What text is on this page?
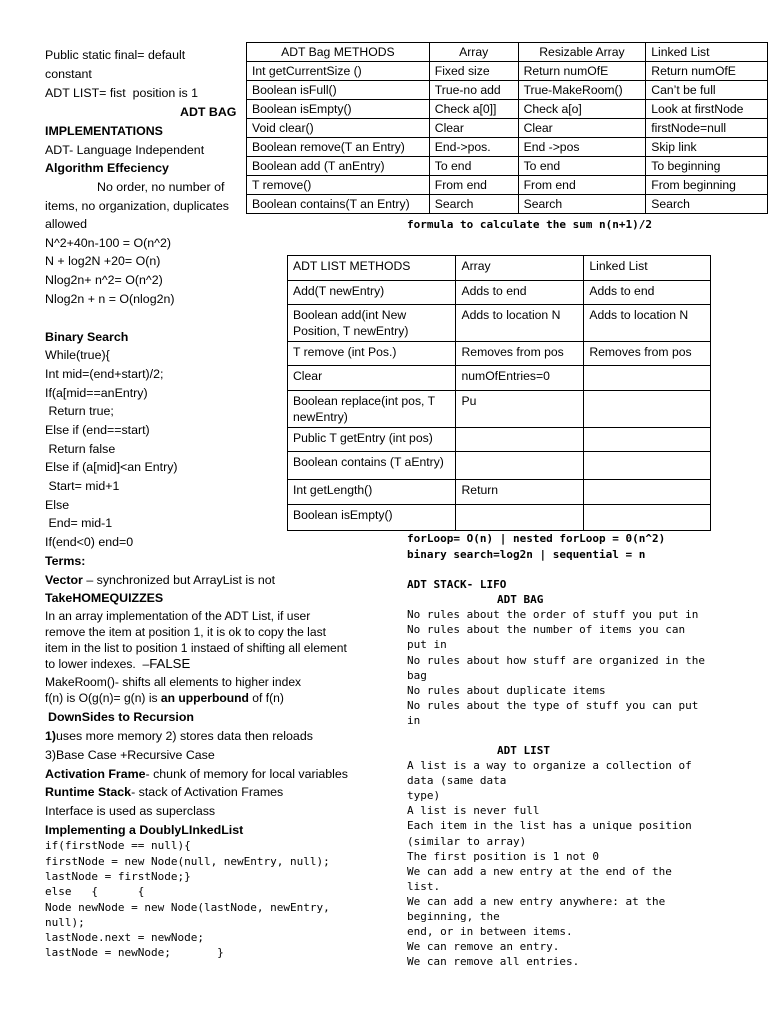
Public static final= default
constant
ADT LIST= fist  position is 1
ADT BAG
IMPLEMENTATIONS
ADT- Language Independent
Algorithm Effeciency
No order, no number of
items, no organization, duplicates
allowed
N^2+40n-100 = O(n^2)
N + log2N +20= O(n)
Nlog2n+ n^2= O(n^2)
Nlog2n + n = O(nlog2n)
Binary Search
While(true){
Int mid=(end+start)/2;
If(a[mid==anEntry)
Return true;
Else if (end==start)
Return false
Else if (a[mid]<an Entry)
Start= mid+1
Else
End= mid-1
If(end<0) end=0
Terms:
Vector – synchronized but ArrayList is not
TakeHOMEQUIZZES
In an array implementation of the ADT List, if user
remove the item at position 1, it is ok to copy the last
item in the list to position 1 instaed of shifting all element
to lower indexes.  –FALSE
MakeRoom()- shifts all elements to higher index
f(n) is O(g(n)= g(n) is an upperbound of f(n)
DownSides to Recursion
1)uses more memory 2) stores data then reloads
3)Base Case +Recursive Case
Activation Frame- chunk of memory for local variables
Runtime Stack- stack of Activation Frames
Interface is used as superclass
Implementing a DoublyLInkedList
if(firstNode == null){
firstNode = new Node(null, newEntry, null);
lastNode = firstNode;}
else   {      {
Node newNode = new Node(lastNode, newEntry,
null);
lastNode.next = newNode;
lastNode = newNode;       }
ADT Bag METHODS	Array	Resizable Array	Linked List
Int getCurrentSize ()	Fixed size	Return numOfE	Return numOfE
Boolean isFull()	True-no add	True-MakeRoom()	Can’t be full
Boolean isEmpty()	Check a[0]]	Check a[o]	Look at firstNode
Void clear()	Clear	Clear	firstNode=null
Boolean remove(T an Entry)	End->pos.	End ->pos	Skip link
Boolean add (T anEntry)	To end	To end	To beginning
T remove()	From end	From end	From beginning
Boolean contains(T an Entry)	Search	Search	Search
formula to calculate the sum n(n+1)/2
ADT LIST METHODS	Array	Linked List
Add(T newEntry)	Adds to end	Adds to end
Boolean add(int New Position, T newEntry)	Adds to location N	Adds to location N
T remove (int Pos.)	Removes from pos	Removes from pos
Clear	numOfEntries=0	
Boolean replace(int pos, T newEntry)	Pu	
Public T getEntry (int pos)		
Boolean contains (T aEntry)		
Int getLength()	Return	
Boolean isEmpty()		
forLoop= O(n) | nested forLoop = 0(n^2)
binary search=log2n | sequential = n
ADT STACK- LIFO
ADT BAG
No rules about the order of stuff you put in
No rules about the number of items you can
put in
No rules about how stuff are organized in the
bag
No rules about duplicate items
No rules about the type of stuff you can put
in
ADT LIST
A list is a way to organize a collection of
data (same data
type)
A list is never full
Each item in the list has a unique position
(similar to array)
The first position is 1 not 0
We can add a new entry at the end of the
list.
We can add a new entry anywhere: at the
beginning, the
end, or in between items.
We can remove an entry.
We can remove all entries.
